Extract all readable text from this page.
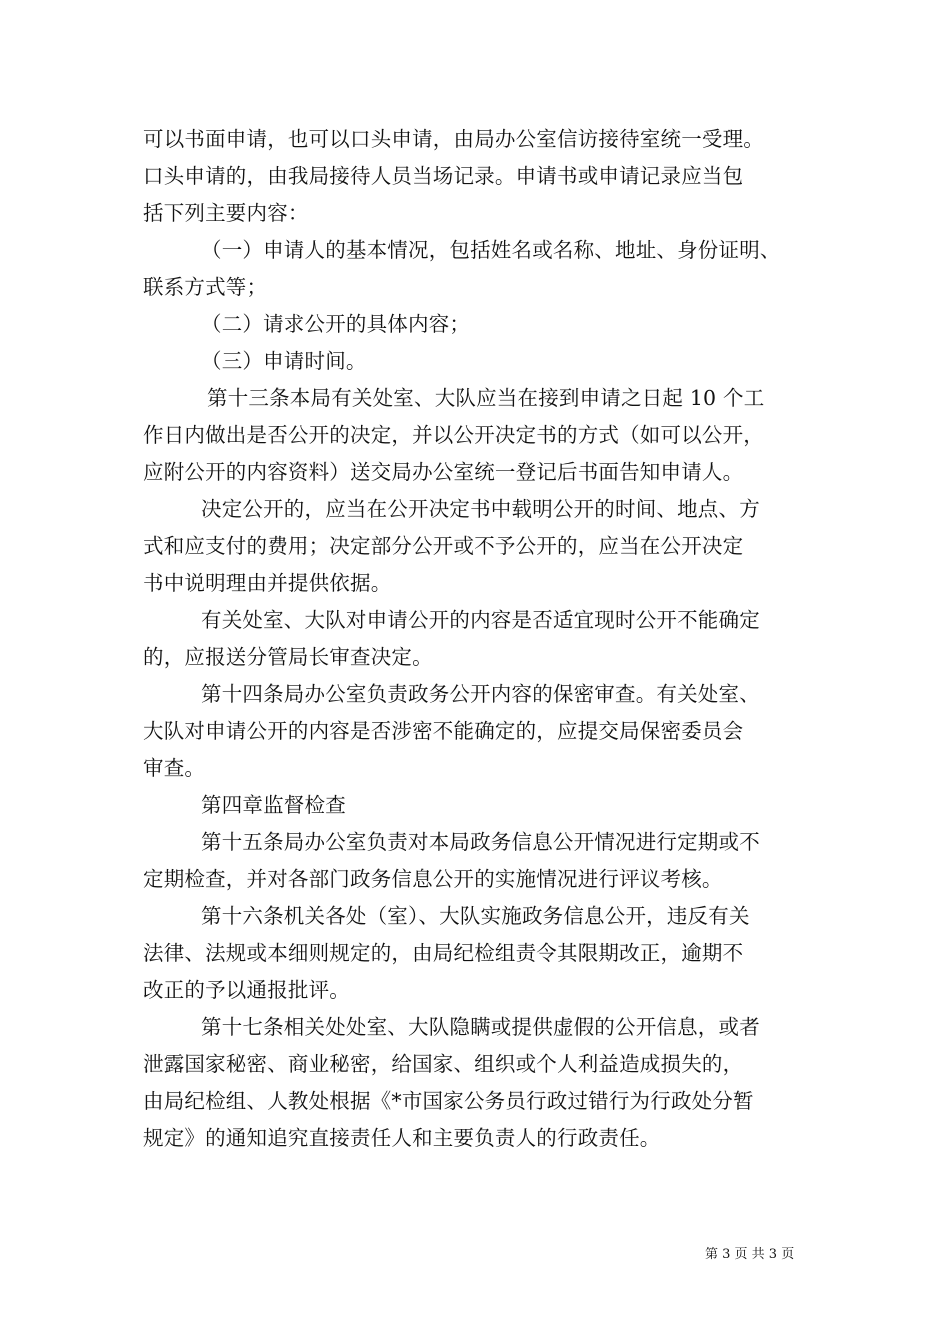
可以书面申请，也可以口头申请，由局办公室信访接待室统一受理。
口头申请的，由我局接待人员当场记录。申请书或申请记录应当包
括下列主要内容：
（一）申请人的基本情况，包括姓名或名称、地址、身份证明、
联系方式等；
（二）请求公开的具体内容；
（三）申请时间。
第十三条本局有关处室、大队应当在接到申请之日起 10 个工
作日内做出是否公开的决定，并以公开决定书的方式（如可以公开，
应附公开的内容资料）送交局办公室统一登记后书面告知申请人。
决定公开的，应当在公开决定书中载明公开的时间、地点、方
式和应支付的费用；决定部分公开或不予公开的，应当在公开决定
书中说明理由并提供依据。
有关处室、大队对申请公开的内容是否适宜现时公开不能确定
的，应报送分管局长审查决定。
第十四条局办公室负责政务公开内容的保密审查。有关处室、
大队对申请公开的内容是否涉密不能确定的，应提交局保密委员会
审查。
第四章监督检查
第十五条局办公室负责对本局政务信息公开情况进行定期或不
定期检查，并对各部门政务信息公开的实施情况进行评议考核。
第十六条机关各处（室）、大队实施政务信息公开，违反有关
法律、法规或本细则规定的，由局纪检组责令其限期改正，逾期不
改正的予以通报批评。
第十七条相关处处室、大队隐瞒或提供虚假的公开信息，或者
泄露国家秘密、商业秘密，给国家、组织或个人利益造成损失的，
由局纪检组、人教处根据《*市国家公务员行政过错行为行政处分暂
规定》的通知追究直接责任人和主要负责人的行政责任。
第 3 页 共 3 页
